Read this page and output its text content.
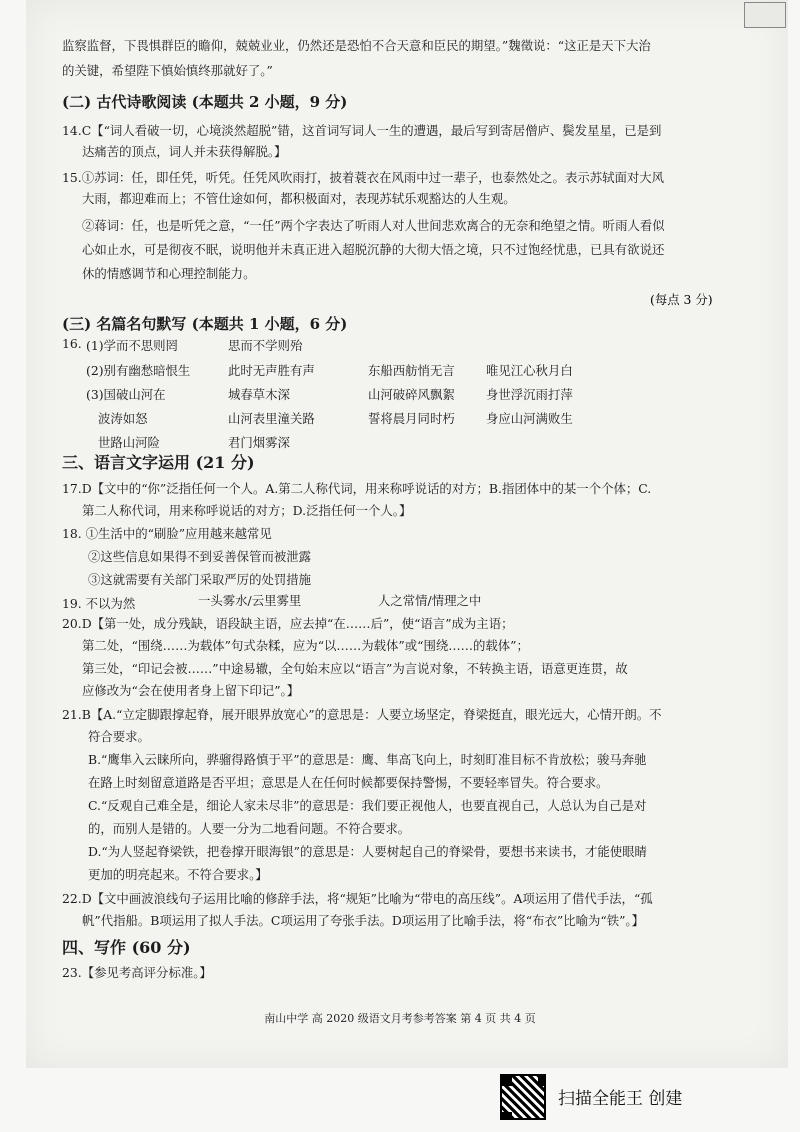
监察监督，下畏惧群臣的瞻仰，兢兢业业，仍然还是恐怕不合天意和臣民的期望。”魏徵说：“这正是天下大治
的关键，希望陛下慎始慎终那就好了。”
(二) 古代诗歌阅读 (本题共 2 小题，9 分)
14.C【“词人看破一切，心境淡然超脱”错，这首词写词人一生的遭遇，最后写到寄居僧庐、鬓发星星，已是到
达痛苦的顶点，词人并未获得解脱。】
15.①苏词：任，即任凭，听凭。任凭风吹雨打，披着蓑衣在风雨中过一辈子，也泰然处之。表示苏轼面对大风
大雨，都迎难而上；不管仕途如何，都积极面对，表现苏轼乐观豁达的人生观。
②蒋词：任，也是听凭之意，“一任”两个字表达了听雨人对人世间悲欢离合的无奈和绝望之情。听雨人看似
心如止水，可是彻夜不眠，说明他并未真正进入超脱沉静的大彻大悟之境，只不过饱经忧患，已具有欲说还
休的情感调节和心理控制能力。
(每点 3 分)
(三) 名篇名句默写 (本题共 1 小题，6 分)
16. (1)学而不思则罔	思而不学则殆
(2)别有幽愁暗恨生	此时无声胜有声	东船西舫悄无言	唯见江心秋月白
(3)国破山河在	城春草木深	山河破碎风飘絮	身世浮沉雨打萍
波涛如怒	山河表里潼关路	誓将晨月同时朽	身应山河满败生
世路山河险	君门烟雾深
三、语言文字运用 (21 分)
17.D【文中的“你”泛指任何一个人。A.第二人称代词，用来称呼说话的对方；B.指团体中的某一个个体；C.
第二人称代词，用来称呼说话的对方；D.泛指任何一个人。】
18. ①生活中的“刷脸”应用越来越常见
②这些信息如果得不到妥善保管而被泄露
③这就需要有关部门采取严厉的处罚措施
19. 不以为然	一头雾水/云里雾里	人之常情/情理之中
20.D【第一处，成分残缺，语段缺主语，应去掉“在……后”，使“语言”成为主语；
第二处，“围绕……为载体”句式杂糅，应为“以……为载体”或“围绕……的载体”；
第三处，“印记会被……”中途易辙，全句始末应以“语言”为言说对象，不转换主语，语意更连贯，故
应修改为“会在使用者身上留下印记”。】
21.B【A.“立定脚跟撑起脊，展开眼界放宽心”的意思是：人要立场坚定，脊梁挺直，眼光远大，心情开朗。不
符合要求。
B.“鹰隼入云睐所向，骅骝得路慎于平”的意思是：鹰、隼高飞向上，时刻盯准目标不肯放松；骏马奔驰
在路上时刻留意道路是否平坦；意思是人在任何时候都要保持警惕，不要轻率冒失。符合要求。
C.“反观自己难全是，细论人家未尽非”的意思是：我们要正视他人，也要直视自己，人总认为自己是对
的，而别人是错的。人要一分为二地看问题。不符合要求。
D.“为人竖起脊梁铁，把卷撑开眼海银”的意思是：人要树起自己的脊梁骨，要想书来读书，才能使眼睛
更加的明亮起来。不符合要求。】
22.D【文中画波浪线句子运用比喻的修辞手法，将“规矩”比喻为“带电的高压线”。A项运用了借代手法，“孤
帆”代指船。B项运用了拟人手法。C项运用了夸张手法。D项运用了比喻手法，将“布衣”比喻为“铁”。】
四、写作 (60 分)
23.【参见考高评分标准。】
南山中学 高 2020 级语文月考参考答案 第 4 页 共 4 页
扫描全能王 创建
